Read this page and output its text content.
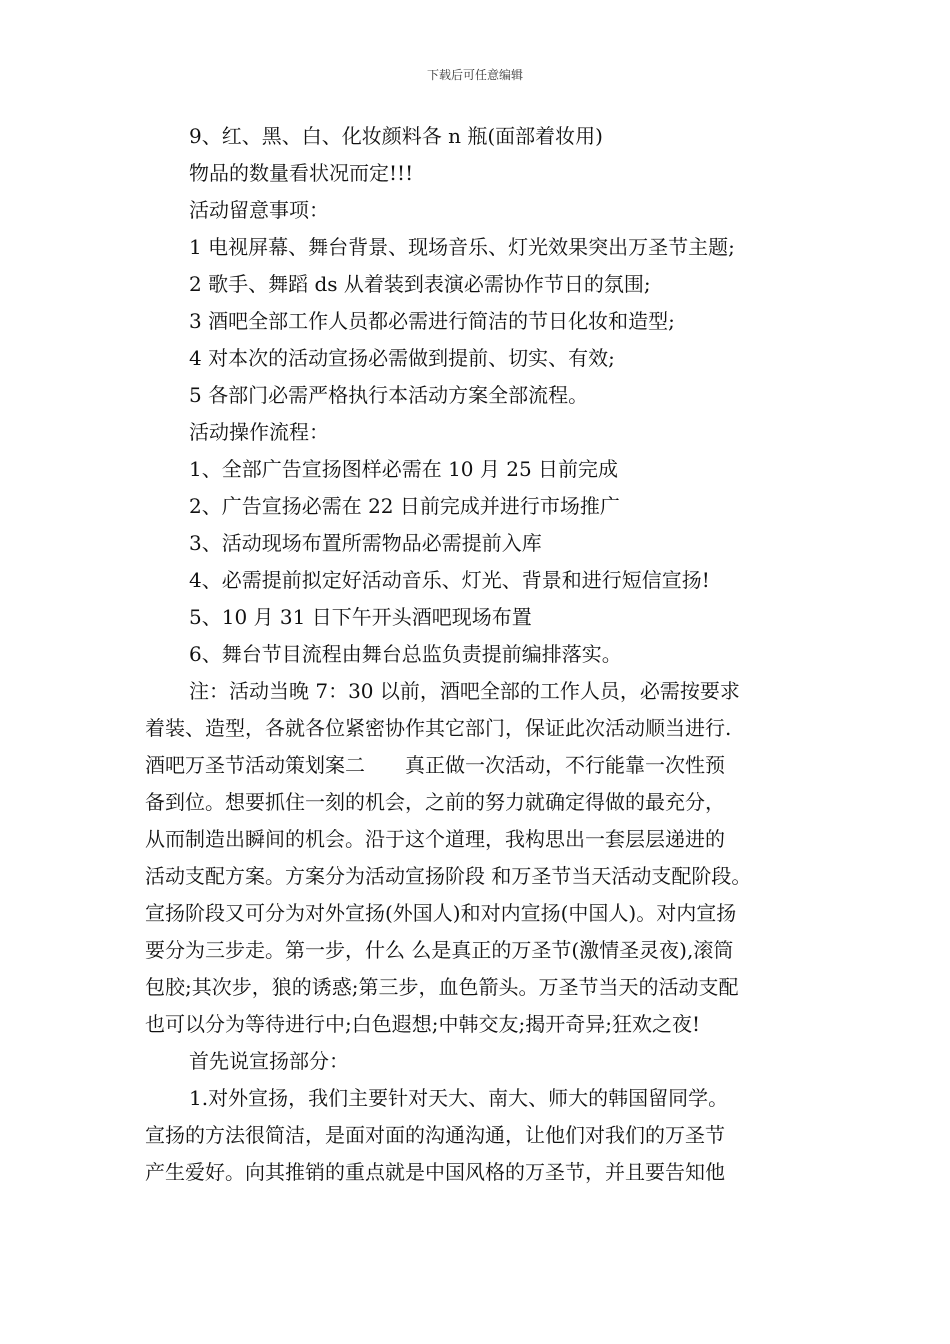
下载后可任意编辑
9、红、黑、白、化妆颜料各 n 瓶(面部着妆用)
物品的数量看状况而定!!!
活动留意事项：
1 电视屏幕、舞台背景、现场音乐、灯光效果突出万圣节主题;
2 歌手、舞蹈 ds 从着装到表演必需协作节日的氛围;
3 酒吧全部工作人员都必需进行简洁的节日化妆和造型;
4 对本次的活动宣扬必需做到提前、切实、有效;
5 各部门必需严格执行本活动方案全部流程。
活动操作流程：
1、全部广告宣扬图样必需在 10 月 25 日前完成
2、广告宣扬必需在 22 日前完成并进行市场推广
3、活动现场布置所需物品必需提前入库
4、必需提前拟定好活动音乐、灯光、背景和进行短信宣扬!
5、10 月 31 日下午开头酒吧现场布置
6、舞台节目流程由舞台总监负责提前编排落实。
注：活动当晚 7：30 以前，酒吧全部的工作人员，必需按要求
着装、造型，各就各位紧密协作其它部门，保证此次活动顺当进行.
酒吧万圣节活动策划案二　　真正做一次活动，不行能靠一次性预
备到位。想要抓住一刻的机会，之前的努力就确定得做的最充分，
从而制造出瞬间的机会。沿于这个道理，我构思出一套层层递进的
活动支配方案。方案分为活动宣扬阶段 和万圣节当天活动支配阶段。
宣扬阶段又可分为对外宣扬(外国人)和对内宣扬(中国人)。对内宣扬
要分为三步走。第一步，什么 么是真正的万圣节(激情圣灵夜),滚筒
包胶;其次步，狼的诱惑;第三步，血色箭头。万圣节当天的活动支配
也可以分为等待进行中;白色遐想;中韩交友;揭开奇异;狂欢之夜!
首先说宣扬部分：
1.对外宣扬，我们主要针对天大、南大、师大的韩国留同学。
宣扬的方法很简洁，是面对面的沟通沟通，让他们对我们的万圣节
产生爱好。向其推销的重点就是中国风格的万圣节，并且要告知他
